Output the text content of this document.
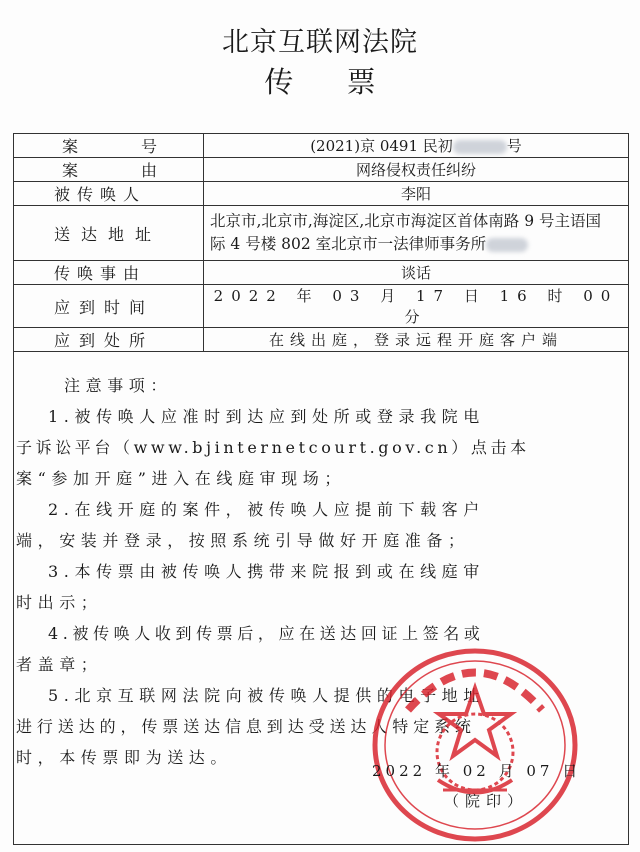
北京互联网法院
传 票
案 号	(2021)京 0491 民初 号

案 由	网络侵权责任纠纷

被传唤人	李阳

送达地址	北京市,北京市,海淀区,北京市海淀区首体南路 9 号主语国
际 4 号楼 802 室北京市一法律师事务所

传唤事由	谈话

应到时间	2022 年 03 月 17 日 16 时 00 分

应到处所	在线出庭，登录远程开庭客户端

注意事项：

1.被传唤人应准时到达应到处所或登录我院电

子诉讼平台（www.bjinternetcourt.gov.cn）点击本

案“参加开庭”进入在线庭审现场；

2.在线开庭的案件，被传唤人应提前下载客户

端，安装并登录，按照系统引导做好开庭准备；

3.本传票由被传唤人携带来院报到或在线庭审

时出示；

4.被传唤人收到传票后，应在送达回证上签名或

者盖章；

5.北京互联网法院向被传唤人提供的电子地址

进行送达的，传票送达信息到达受送达人特定系统

时，本传票即为送达。

2022 年 02 月 07 日
（院印）
